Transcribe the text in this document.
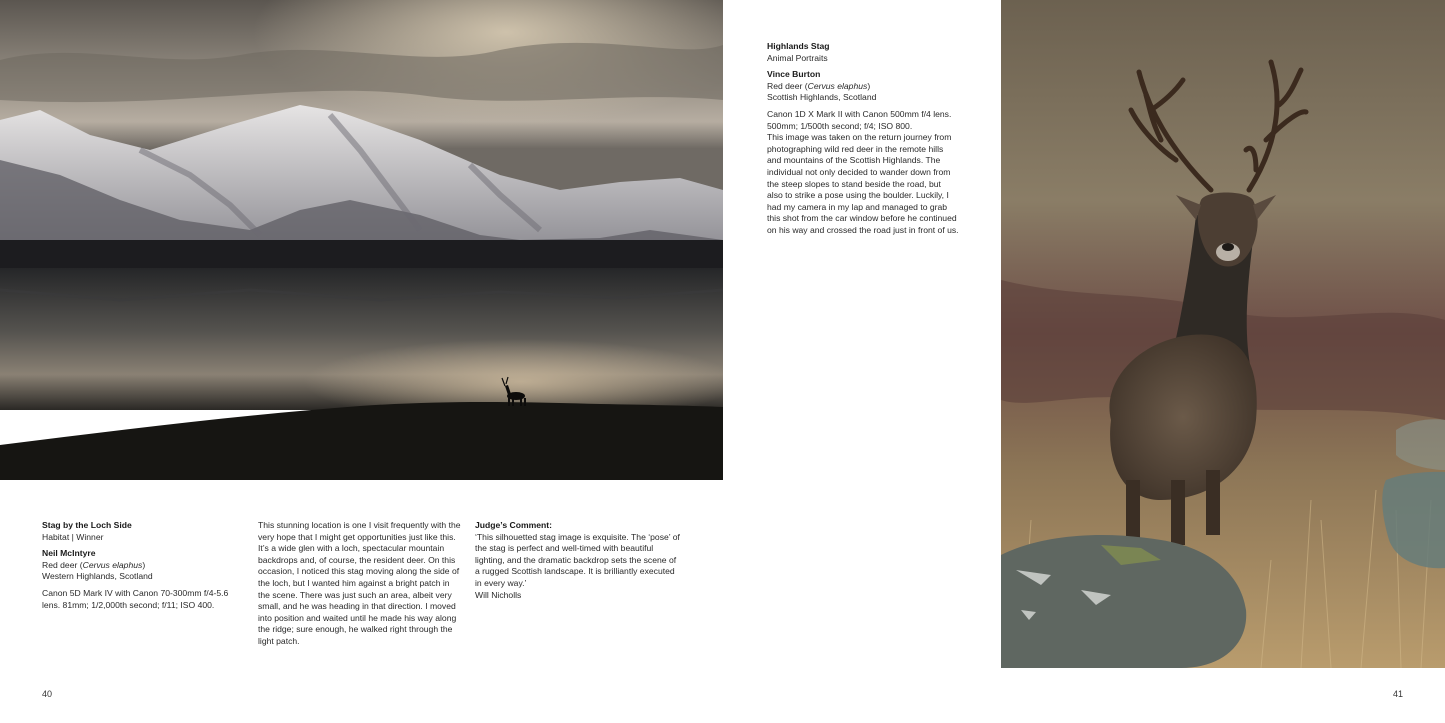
Stag by the Loch Side
Habitat | Winner
Neil McIntyre
Red deer (Cervus elaphus)
Western Highlands, Scotland

Canon 5D Mark IV with Canon 70-300mm f/4-5.6 lens. 81mm; 1/2,000th second; f/11; ISO 400.

This stunning location is one I visit frequently with the very hope that I might get opportunities just like this. It’s a wide glen with a loch, spectacular mountain backdrops and, of course, the resident deer. On this occasion, I noticed this stag moving along the side of the loch, but I wanted him against a bright patch in the scene. There was just such an area, albeit very small, and he was heading in that direction. I moved into position and waited until he made his way along the ridge; sure enough, he walked right through the light patch.

Judge’s Comment:

‘This silhouetted stag image is exquisite. The ‘pose’ of the stag is perfect and well-timed with beautiful lighting, and the dramatic backdrop sets the scene of a rugged Scottish landscape. It is brilliantly executed in every way.’

Will Nicholls
40
Highlands Stag
Animal Portraits
Vince Burton
Red deer (Cervus elaphus)
Scottish Highlands, Scotland

Canon 1D X Mark II with Canon 500mm f/4 lens. 500mm; 1/500th second; f/4; ISO 800.

This image was taken on the return journey from photographing wild red deer in the remote hills and mountains of the Scottish Highlands. The individual not only decided to wander down from the steep slopes to stand beside the road, but also to strike a pose using the boulder. Luckily, I had my camera in my lap and managed to grab this shot from the car window before he continued on his way and crossed the road just in front of us.

41
